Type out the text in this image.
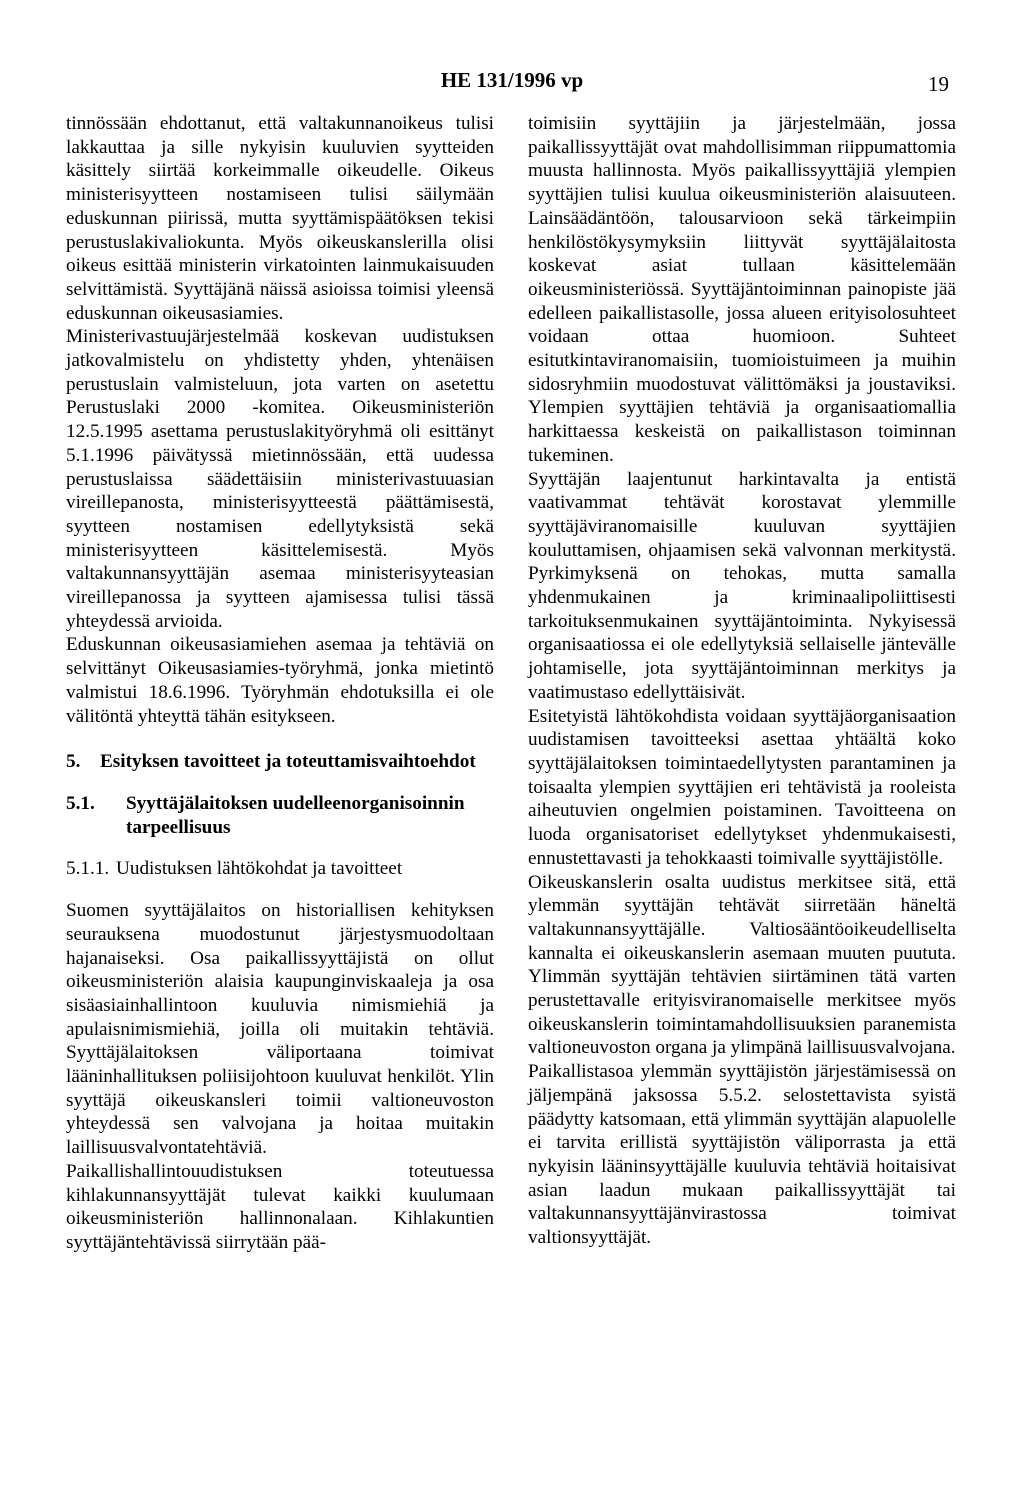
HE 131/1996 vp	19

tinnössään ehdottanut, että valtakunnanoikeus tulisi lakkauttaa ja sille nykyisin kuuluvien syytteiden käsittely siirtää korkeimmalle oikeudelle. Oikeus ministerisyytteen nostamiseen tulisi säilymään eduskunnan piirissä, mutta syyttämispäätöksen tekisi perustuslakivaliokunta. Myös oikeuskanslerilla olisi oikeus esittää ministerin virkatointen lainmukaisuuden selvittämistä. Syyttäjänä näissä asioissa toimisi yleensä eduskunnan oikeusasiamies.

Ministerivastuujärjestelmää koskevan uudistuksen jatkovalmistelu on yhdistetty yhden, yhtenäisen perustuslain valmisteluun, jota varten on asetettu Perustuslaki 2000 -komitea. Oikeusministeriön 12.5.1995 asettama perustuslakityöryhmä oli esittänyt 5.1.1996 päivätyssä mietinnössään, että uudessa perustuslaissa säädettäisiin ministerivastuuasian vireillepanosta, ministerisyytteestä päättämisestä, syytteen nostamisen edellytyksistä sekä ministerisyytteen käsittelemisestä. Myös valtakunnansyyttäjän asemaa ministerisyyteasian vireillepanossa ja syytteen ajamisessa tulisi tässä yhteydessä arvioida.

Eduskunnan oikeusasiamiehen asemaa ja tehtäviä on selvittänyt Oikeusasiamies-työryhmä, jonka mietintö valmistui 18.6.1996. Työryhmän ehdotuksilla ei ole välitöntä yhteyttä tähän esitykseen.

5.	Esityksen tavoitteet ja toteuttamisvaihtoehdot
5.1.	Syyttäjälaitoksen uudelleenorganisoinnin tarpeellisuus
5.1.1. Uudistuksen lähtökohdat ja tavoitteet

Suomen syyttäjälaitos on historiallisen kehityksen seurauksena muodostunut järjestysmuodoltaan hajanaiseksi. Osa paikallissyyttäjistä on ollut oikeusministeriön alaisia kaupunginviskaaleja ja osa sisäasiainhallintoon kuuluvia nimismiehiä ja apulaisnimismiehiä, joilla oli muitakin tehtäviä. Syyttäjälaitoksen väliportaana toimivat lääninhallituksen poliisijohtoon kuuluvat henkilöt. Ylin syyttäjä oikeuskansleri toimii valtioneuvoston yhteydessä sen valvojana ja hoitaa muitakin laillisuusvalvontatehtäviä.

Paikallishallintouudistuksen toteutuessa kihlakunnansyyttäjät tulevat kaikki kuulumaan oikeusministeriön hallinnonalaan. Kihlakuntien syyttäjäntehtävissä siirrytään pää-

toimisiin syyttäjiin ja järjestelmään, jossa paikallissyyttäjät ovat mahdollisimman riippumattomia muusta hallinnosta. Myös paikallissyyttäjiä ylempien syyttäjien tulisi kuulua oikeusministeriön alaisuuteen. Lainsäädäntöön, talousarvioon sekä tärkeimpiin henkilöstökysymyksiin liittyvät syyttäjälaitosta koskevat asiat tullaan käsittelemään oikeusministeriössä. Syyttäjäntoiminnan painopiste jää edelleen paikallistasolle, jossa alueen erityisolosuhteet voidaan ottaa huomioon. Suhteet esitutkintaviranomaisiin, tuomioistuimeen ja muihin sidosryhmiin muodostuvat välittömäksi ja joustaviksi. Ylempien syyttäjien tehtäviä ja organisaatiomallia harkittaessa keskeistä on paikallistason toiminnan tukeminen.

Syyttäjän laajentunut harkintavalta ja entistä vaativammat tehtävät korostavat ylemmille syyttäjäviranomaisille kuuluvan syyttäjien kouluttamisen, ohjaamisen sekä valvonnan merkitystä. Pyrkimyksenä on tehokas, mutta samalla yhdenmukainen ja kriminaalipoliittisesti tarkoituksenmukainen syyttäjäntoiminta. Nykyisessä organisaatiossa ei ole edellytyksiä sellaiselle jäntevälle johtamiselle, jota syyttäjäntoiminnan merkitys ja vaatimustaso edellyttäisivät.

Esitetyistä lähtökohdista voidaan syyttäjäorganisaation uudistamisen tavoitteeksi asettaa yhtäältä koko syyttäjälaitoksen toimintaedellytysten parantaminen ja toisaalta ylempien syyttäjien eri tehtävistä ja rooleista aiheutuvien ongelmien poistaminen. Tavoitteena on luoda organisatoriset edellytykset yhdenmukaisesti, ennustettavasti ja tehokkaasti toimivalle syyttäjistölle.

Oikeuskanslerin osalta uudistus merkitsee sitä, että ylemmän syyttäjän tehtävät siirretään häneltä valtakunnansyyttäjälle. Valtiosääntöoikeudelliselta kannalta ei oikeuskanslerin asemaan muuten puututa. Ylimmän syyttäjän tehtävien siirtäminen tätä varten perustettavalle erityisviranomaiselle merkitsee myös oikeuskanslerin toimintamahdollisuuksien paranemista valtioneuvoston organa ja ylimpänä laillisuusvalvojana.

Paikallistasoa ylemmän syyttäjistön järjestämisessä on jäljempänä jaksossa 5.5.2. selostettavista syistä päädytty katsomaan, että ylimmän syyttäjän alapuolelle ei tarvita erillistä syyttäjistön väliporrasta ja että nykyisin lääninsyyttäjälle kuuluvia tehtäviä hoitaisivat asian laadun mukaan paikallissyyttäjät tai valtakunnansyyttäjänvirastossa toimivat valtionsyyttäjät.
